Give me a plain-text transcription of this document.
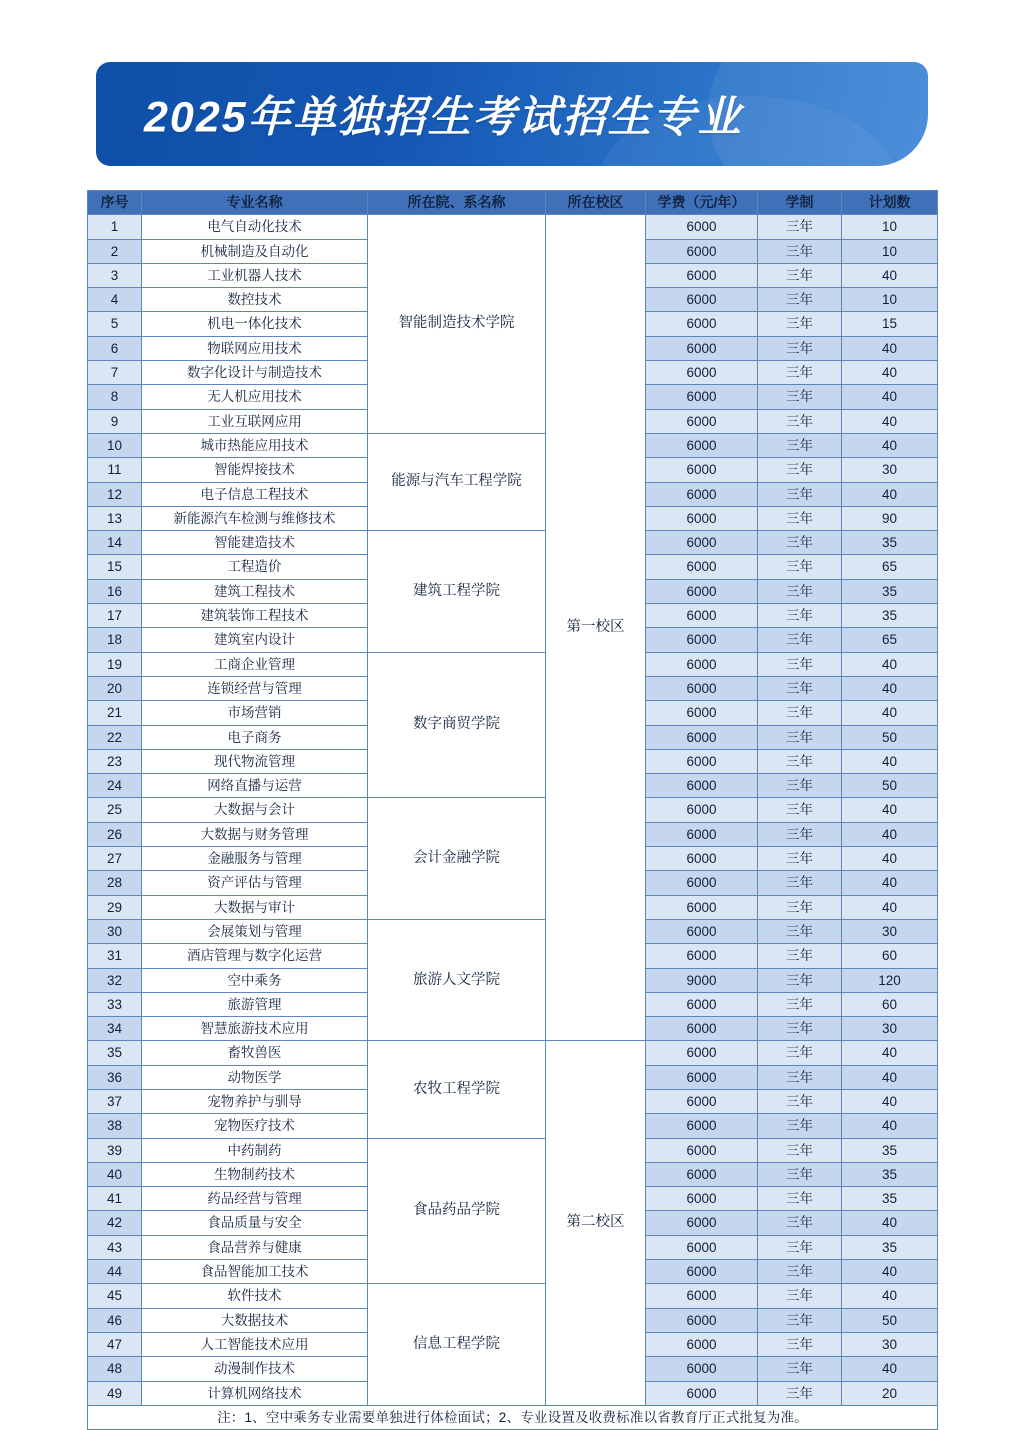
2025年单独招生考试招生专业
序号	专业名称	所在院、系名称	所在校区	学费（元/年）	学制	计划数
1	电气自动化技术	智能制造技术学院	第一校区	6000	三年	10
2	机械制造及自动化			6000	三年	10
3	工业机器人技术			6000	三年	40
4	数控技术			6000	三年	10
5	机电一体化技术			6000	三年	15
6	物联网应用技术			6000	三年	40
7	数字化设计与制造技术			6000	三年	40
8	无人机应用技术			6000	三年	40
9	工业互联网应用			6000	三年	40
10	城市热能应用技术	能源与汽车工程学院		6000	三年	40
11	智能焊接技术			6000	三年	30
12	电子信息工程技术			6000	三年	40
13	新能源汽车检测与维修技术			6000	三年	90
14	智能建造技术	建筑工程学院		6000	三年	35
15	工程造价			6000	三年	65
16	建筑工程技术			6000	三年	35
17	建筑装饰工程技术			6000	三年	35
18	建筑室内设计			6000	三年	65
19	工商企业管理	数字商贸学院		6000	三年	40
20	连锁经营与管理			6000	三年	40
21	市场营销			6000	三年	40
22	电子商务			6000	三年	50
23	现代物流管理			6000	三年	40
24	网络直播与运营			6000	三年	50
25	大数据与会计	会计金融学院		6000	三年	40
26	大数据与财务管理			6000	三年	40
27	金融服务与管理			6000	三年	40
28	资产评估与管理			6000	三年	40
29	大数据与审计			6000	三年	40
30	会展策划与管理	旅游人文学院		6000	三年	30
31	酒店管理与数字化运营			6000	三年	60
32	空中乘务			9000	三年	120
33	旅游管理			6000	三年	60
34	智慧旅游技术应用			6000	三年	30
35	畜牧兽医	农牧工程学院	第二校区	6000	三年	40
36	动物医学			6000	三年	40
37	宠物养护与驯导			6000	三年	40
38	宠物医疗技术			6000	三年	40
39	中药制药	食品药品学院		6000	三年	35
40	生物制药技术			6000	三年	35
41	药品经营与管理			6000	三年	35
42	食品质量与安全			6000	三年	40
43	食品营养与健康			6000	三年	35
44	食品智能加工技术			6000	三年	40
45	软件技术	信息工程学院		6000	三年	40
46	大数据技术			6000	三年	50
47	人工智能技术应用			6000	三年	30
48	动漫制作技术			6000	三年	40
49	计算机网络技术			6000	三年	20
注：1、空中乘务专业需要单独进行体检面试；2、专业设置及收费标准以省教育厅正式批复为准。						
